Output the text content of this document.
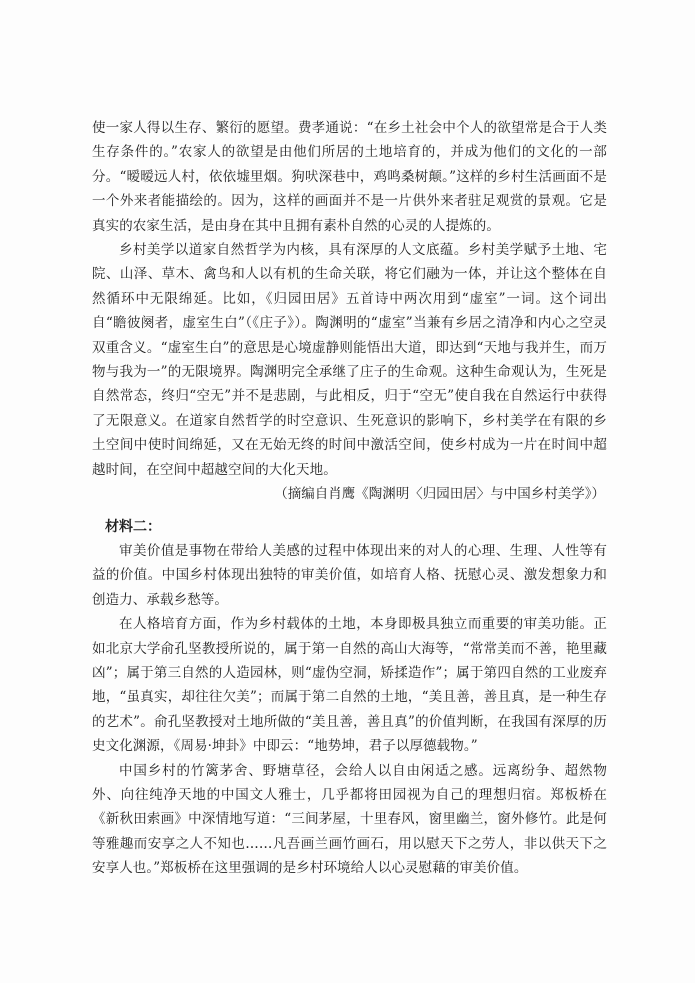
使一家人得以生存、繁衍的愿望。费孝通说：“在乡土社会中个人的欲望常是合于人类生存条件的。”农家人的欲望是由他们所居的土地培育的，并成为他们的文化的一部分。“暧暧远人村，依依墟里烟。狗吠深巷中，鸡鸣桑树颠。”这样的乡村生活画面不是一个外来者能描绘的。因为，这样的画面并不是一片供外来者驻足观赏的景观。它是真实的农家生活，是由身在其中且拥有素朴自然的心灵的人提炼的。

乡村美学以道家自然哲学为内核，具有深厚的人文底蕴。乡村美学赋予土地、宅院、山泽、草木、禽鸟和人以有机的生命关联，将它们融为一体，并让这个整体在自然循环中无限绵延。比如，《归园田居》五首诗中两次用到“虚室”一词。这个词出自“瞻彼阕者，虚室生白”（《庄子》）。陶渊明的“虚室”当兼有乡居之清净和内心之空灵双重含义。“虚室生白”的意思是心境虚静则能悟出大道，即达到“天地与我并生，而万物与我为一”的无限境界。陶渊明完全承继了庄子的生命观。这种生命观认为，生死是自然常态，终归“空无”并不是悲剧，与此相反，归于“空无”使自我在自然运行中获得了无限意义。在道家自然哲学的时空意识、生死意识的影响下，乡村美学在有限的乡土空间中使时间绵延，又在无始无终的时间中激活空间，使乡村成为一片在时间中超越时间，在空间中超越空间的大化天地。

（摘编自肖鹰《陶渊明〈归园田居〉与中国乡村美学》）

材料二：

审美价值是事物在带给人美感的过程中体现出来的对人的心理、生理、人性等有益的价值。中国乡村体现出独特的审美价值，如培育人格、抚慰心灵、激发想象力和创造力、承载乡愁等。

在人格培育方面，作为乡村载体的土地，本身即极具独立而重要的审美功能。正如北京大学俞孔坚教授所说的，属于第一自然的高山大海等，“常常美而不善，艳里藏凶”；属于第三自然的人造园林，则“虚伪空洞，矫揉造作”；属于第四自然的工业废弃地，“虽真实，却往往欠美”；而属于第二自然的土地，“美且善，善且真，是一种生存的艺术”。俞孔坚教授对土地所做的“美且善，善且真”的价值判断，在我国有深厚的历史文化渊源，《周易·坤卦》中即云：“地势坤，君子以厚德载物。”

中国乡村的竹篱茅舍、野塘草径，会给人以自由闲适之感。远离纷争、超然物外、向往纯净天地的中国文人雅士，几乎都将田园视为自己的理想归宿。郑板桥在《新秋田索画》中深情地写道：“三间茅屋，十里春风，窗里幽兰，窗外修竹。此是何等雅趣而安享之人不知也……凡吾画兰画竹画石，用以慰天下之劳人，非以供天下之安享人也。”郑板桥在这里强调的是乡村环境给人以心灵慰藉的审美价值。
